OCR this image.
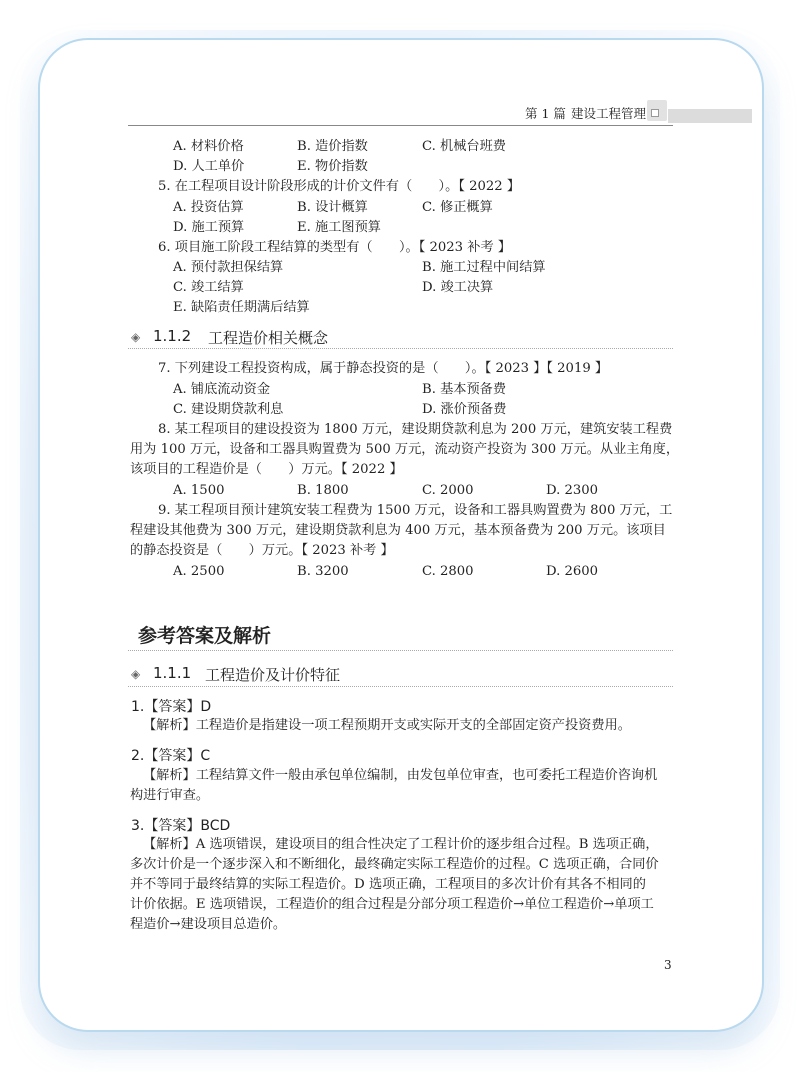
第 1 篇 建设工程管理
A. 材料价格	B. 造价指数	C. 机械台班费
D. 人工单价	E. 物价指数
5. 在工程项目设计阶段形成的计价文件有（　　）。【 2022 】
A. 投资估算	B. 设计概算	C. 修正概算
D. 施工预算	E. 施工图预算
6. 项目施工阶段工程结算的类型有（　　）。【 2023 补考 】
A. 预付款担保结算	B. 施工过程中间结算
C. 竣工结算	D. 竣工决算
E. 缺陷责任期满后结算
◈ 1.1.2 工程造价相关概念
7. 下列建设工程投资构成，属于静态投资的是（　　）。【 2023 】【 2019 】
A. 铺底流动资金	B. 基本预备费
C. 建设期贷款利息	D. 涨价预备费
8. 某工程项目的建设投资为 1800 万元，建设期贷款利息为 200 万元，建筑安装工程费
用为 100 万元，设备和工器具购置费为 500 万元，流动资产投资为 300 万元。从业主角度，
该项目的工程造价是（　　）万元。【 2022 】
A. 1500	B. 1800	C. 2000	D. 2300
9. 某工程项目预计建筑安装工程费为 1500 万元，设备和工器具购置费为 800 万元，工
程建设其他费为 300 万元，建设期贷款利息为 400 万元，基本预备费为 200 万元。该项目
的静态投资是（　　）万元。【 2023 补考 】
A. 2500	B. 3200	C. 2800	D. 2600
参考答案及解析
◈ 1.1.1 工程造价及计价特征
1.【答案】D
【解析】工程造价是指建设一项工程预期开支或实际开支的全部固定资产投资费用。
2.【答案】C
【解析】工程结算文件一般由承包单位编制，由发包单位审查，也可委托工程造价咨询机
构进行审查。
3.【答案】BCD
【解析】A 选项错误，建设项目的组合性决定了工程计价的逐步组合过程。B 选项正确，
多次计价是一个逐步深入和不断细化，最终确定实际工程造价的过程。C 选项正确，合同价
并不等同于最终结算的实际工程造价。D 选项正确，工程项目的多次计价有其各不相同的
计价依据。E 选项错误，工程造价的组合过程是分部分项工程造价→单位工程造价→单项工
程造价→建设项目总造价。
3
